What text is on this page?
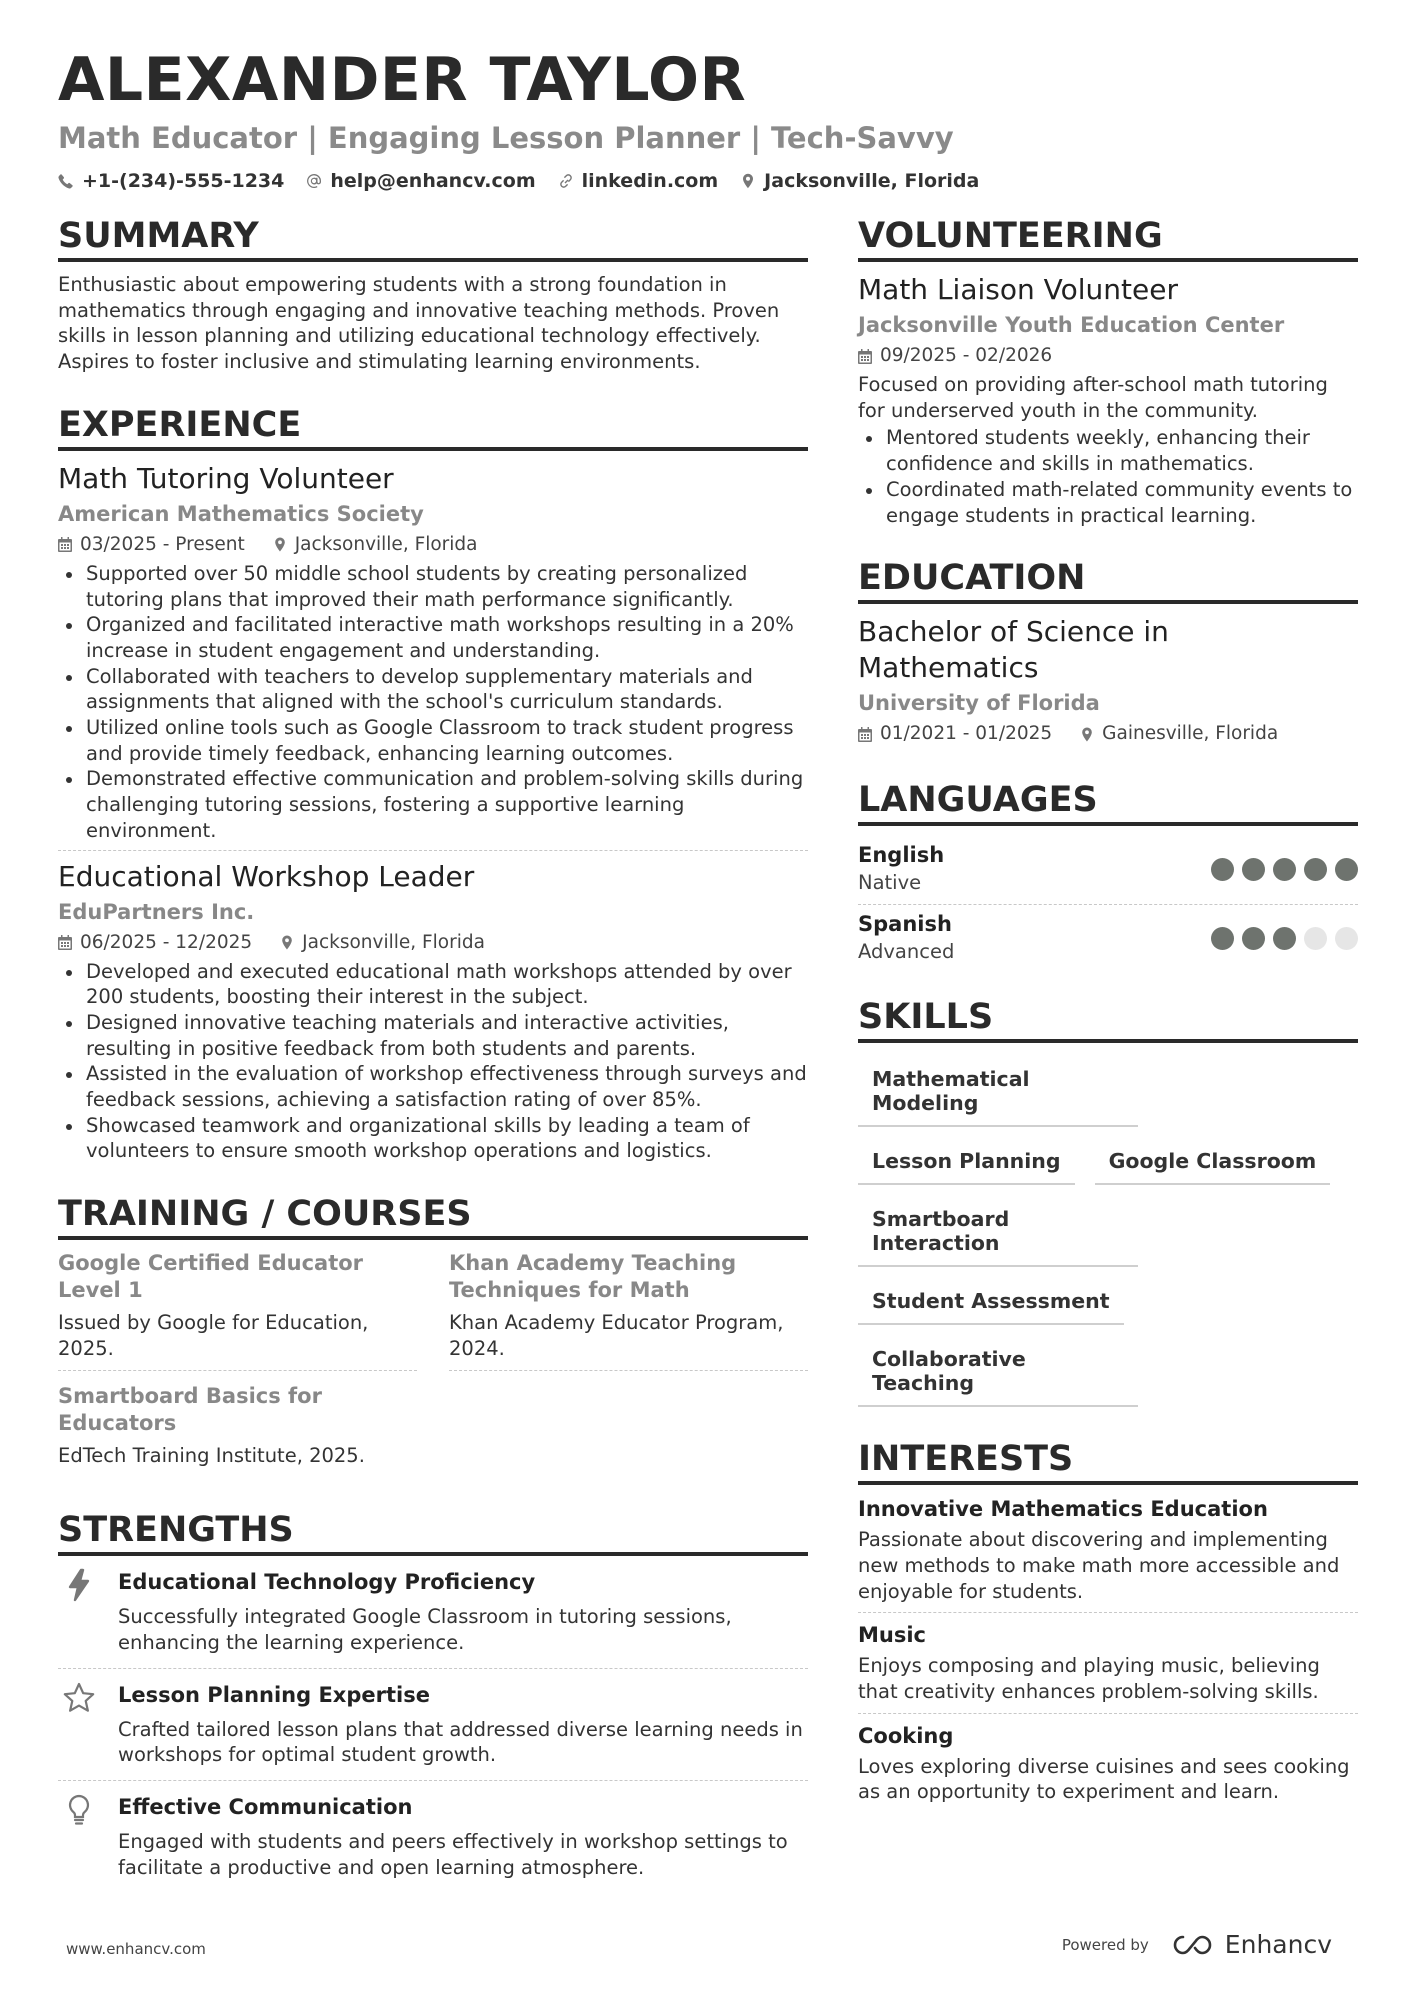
ALEXANDER TAYLOR
Math Educator | Engaging Lesson Planner | Tech-Savvy
+1-(234)-555-1234 help@enhancv.com linkedin.com Jacksonville, Florida
SUMMARY
Enthusiastic about empowering students with a strong foundation in mathematics through engaging and innovative teaching methods. Proven skills in lesson planning and utilizing educational technology effectively. Aspires to foster inclusive and stimulating learning environments.
EXPERIENCE
Math Tutoring Volunteer
American Mathematics Society
03/2025 - Present	Jacksonville, Florida
Supported over 50 middle school students by creating personalized tutoring plans that improved their math performance significantly.
Organized and facilitated interactive math workshops resulting in a 20% increase in student engagement and understanding.
Collaborated with teachers to develop supplementary materials and assignments that aligned with the school's curriculum standards.
Utilized online tools such as Google Classroom to track student progress and provide timely feedback, enhancing learning outcomes.
Demonstrated effective communication and problem-solving skills during challenging tutoring sessions, fostering a supportive learning environment.
Educational Workshop Leader
EduPartners Inc.
06/2025 - 12/2025	Jacksonville, Florida
Developed and executed educational math workshops attended by over 200 students, boosting their interest in the subject.
Designed innovative teaching materials and interactive activities, resulting in positive feedback from both students and parents.
Assisted in the evaluation of workshop effectiveness through surveys and feedback sessions, achieving a satisfaction rating of over 85%.
Showcased teamwork and organizational skills by leading a team of volunteers to ensure smooth workshop operations and logistics.
TRAINING / COURSES
Google Certified Educator Level 1
Issued by Google for Education, 2025.
Khan Academy Teaching Techniques for Math
Khan Academy Educator Program, 2024.
Smartboard Basics for Educators
EdTech Training Institute, 2025.
STRENGTHS
Educational Technology Proficiency
Successfully integrated Google Classroom in tutoring sessions, enhancing the learning experience.
Lesson Planning Expertise
Crafted tailored lesson plans that addressed diverse learning needs in workshops for optimal student growth.
Effective Communication
Engaged with students and peers effectively in workshop settings to facilitate a productive and open learning atmosphere.
VOLUNTEERING
Math Liaison Volunteer
Jacksonville Youth Education Center
09/2025 - 02/2026
Focused on providing after-school math tutoring for underserved youth in the community.
Mentored students weekly, enhancing their confidence and skills in mathematics.
Coordinated math-related community events to engage students in practical learning.
EDUCATION
Bachelor of Science in Mathematics
University of Florida
01/2021 - 01/2025	Gainesville, Florida
LANGUAGES
English
Native
Spanish
Advanced
SKILLS
Mathematical Modeling
Lesson Planning	Google Classroom
Smartboard Interaction
Student Assessment
Collaborative Teaching
INTERESTS
Innovative Mathematics Education
Passionate about discovering and implementing new methods to make math more accessible and enjoyable for students.
Music
Enjoys composing and playing music, believing that creativity enhances problem-solving skills.
Cooking
Loves exploring diverse cuisines and sees cooking as an opportunity to experiment and learn.
www.enhancv.com	Powered by	Enhancv
